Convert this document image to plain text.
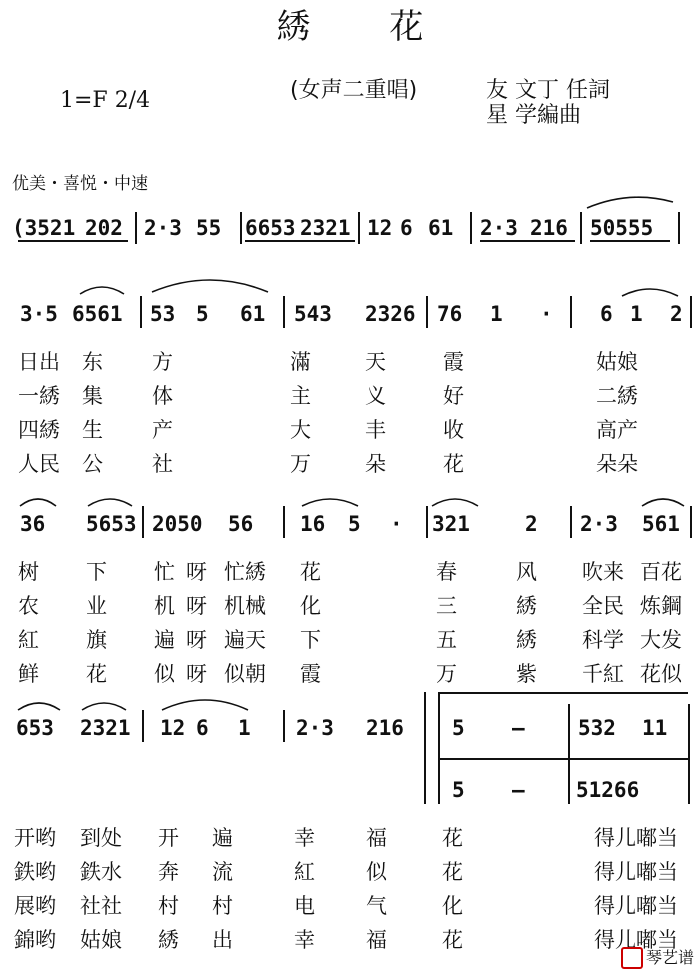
綉 花
1=F 2/4	(女声二重唱)	友 文丁 任詞
星 学編曲
优美・喜悦・中速
(3521 202 2·3 55 6653 2321 12 6 61 2·3 216 50555
3·5 6561 53 5 61 543 2326 76 1 · 6 1 2
日出 东 方	滿	天	霞	姑娘
一綉 集 体	主	义	好	二綉
四綉 生 产	大	丰	收	高产
人民 公 社	万	朵	花	朵朵
36 5653 2050 56 16 5 · 321	2 2·3 561
树 下 忙 呀 忙綉 花	春	风 吹来 百花
农 业 机 呀 机械 化	三	綉 全民 炼鋼
紅 旗 遍 呀 遍天 下	五	綉 科学 大发
鲜 花 似 呀 似朝 霞	万	紫 千紅 花似
653 2321 12 6 1 2·3 216 5 —	532 11
5 — 51266
开哟 到处 开 遍	幸 福	花	得儿嘟当
鉄哟 鉄水 奔 流	紅 似	花	得儿嘟当
展哟 社社 村 村	电 气	化	得儿嘟当
錦哟 姑娘 綉 出	幸 福	花	得儿嘟当
琴艺谱
